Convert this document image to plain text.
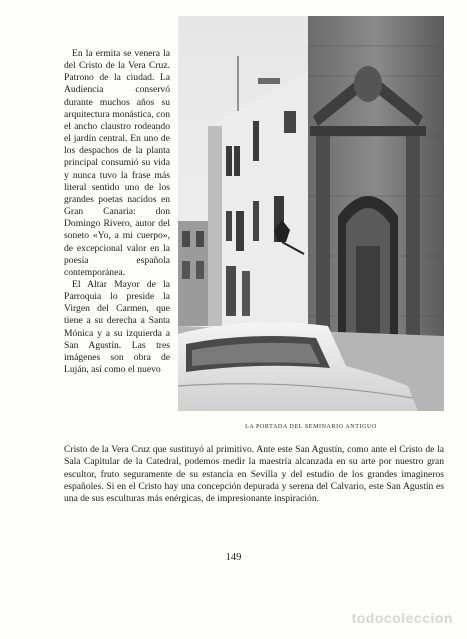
En la ermita se venera la del Cristo de la Vera Cruz. Patrono de la ciudad. La Audiencia conservó durante muchos años su arquitectura monástica, con el ancho claustro rodeando el jardín central. En uno de los despachos de la planta principal consumió su vida y nunca tuvo la frase más literal sentido uno de los grandes poetas nacidos en Gran Canaria: don Domingo Rivero, autor del soneto «Yo, a mi cuerpo», de excepcional valor en la poesía española contemporánea.

El Altar Mayor de la Parroquia lo preside la Virgen del Carmen, que tiene a su derecha a Santa Mónica y a su izquierda a San Agustín. Las tres imágenes son obra de Luján, así como el nuevo

LA PORTADA DEL SEMINARIO ANTIGUO

Cristo de la Vera Cruz que sustituyó al primitivo. Ante este San Agustín, como ante el Cristo de la Sala Capitular de la Catedral, podemos medir la maestría alcanzada en su arte por nuestro gran escultor, fruto seguramente de su estancia en Sevilla y del estudio de los grandes imagineros españoles. Si en el Cristo hay una concepción depurada y serena del Calvario, este San Agustín es una de sus esculturas más enérgicas, de impresionante inspiración.

149
todocoleccion
